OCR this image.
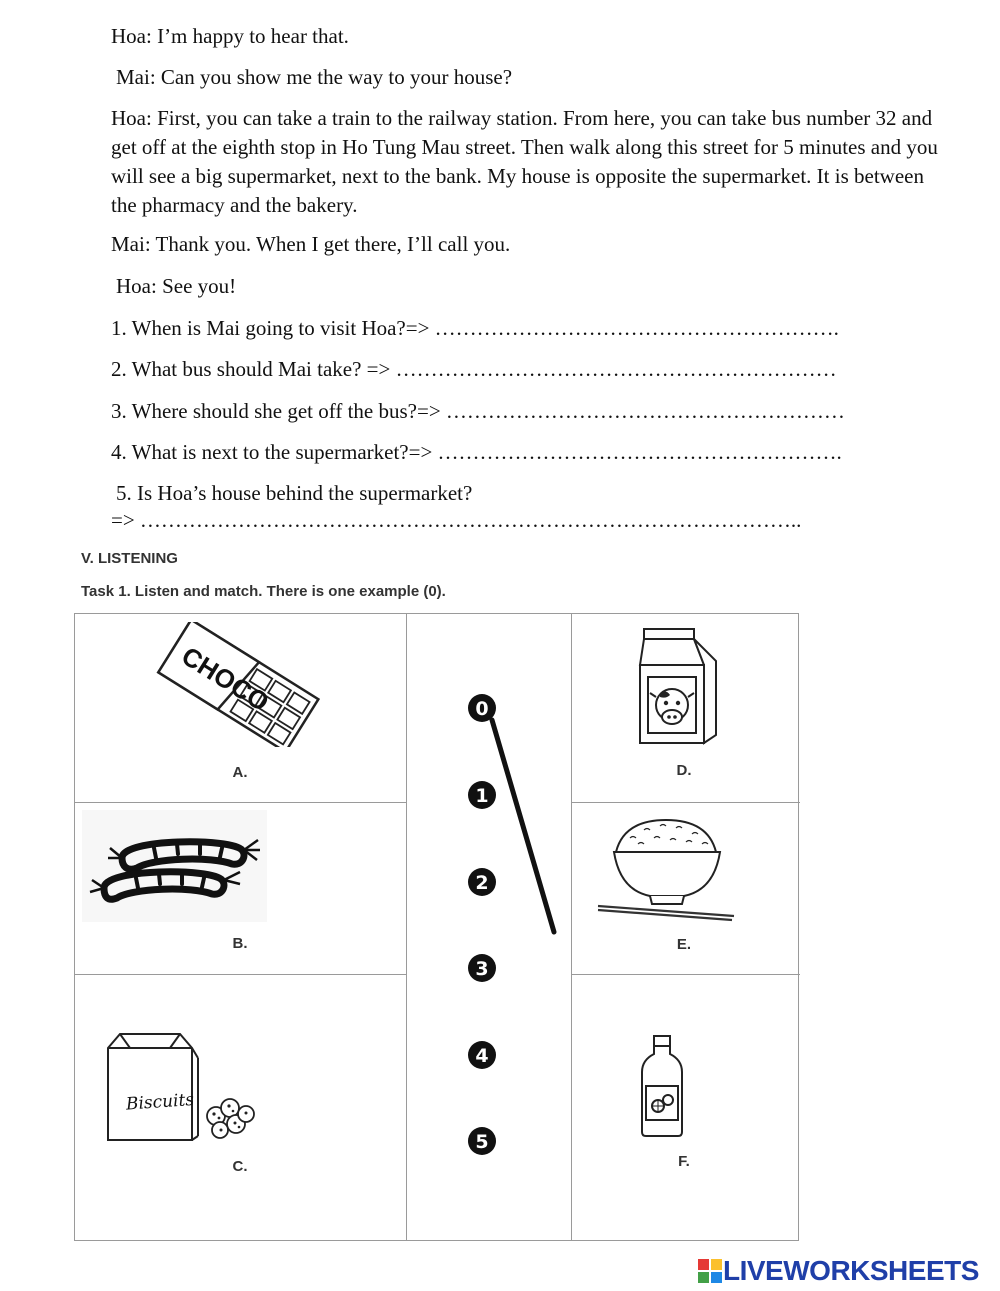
Hoa: I’m happy to hear that.
Mai: Can you show me the way to your house?
Hoa: First, you can take a train to the railway station. From here, you can take bus number 32 and get off at the eighth stop in Ho Tung Mau street. Then walk along this street for 5 minutes and you will see a big supermarket, next to the bank. My house is opposite the supermarket. It is between the pharmacy and the bakery.
Mai: Thank you. When I get there, I’ll call you.
Hoa: See you!
1. When is Mai going to visit Hoa?=> ………………………………………………….
2. What bus should Mai take? => ………………………………………………………
3. Where should she get off the bus?=> …………………………………………………
4. What is next to the supermarket?=> ………………………………………………….
5. Is Hoa’s house behind the supermarket?
=> …………………………………………………………………………………..
V. LISTENING
Task 1. Listen and match. There is one example (0).
CHOCO
A.
B.
Biscuits
C.
D.
E.
F.
0
1
2
3
4
5
LIVEWORKSHEETS
